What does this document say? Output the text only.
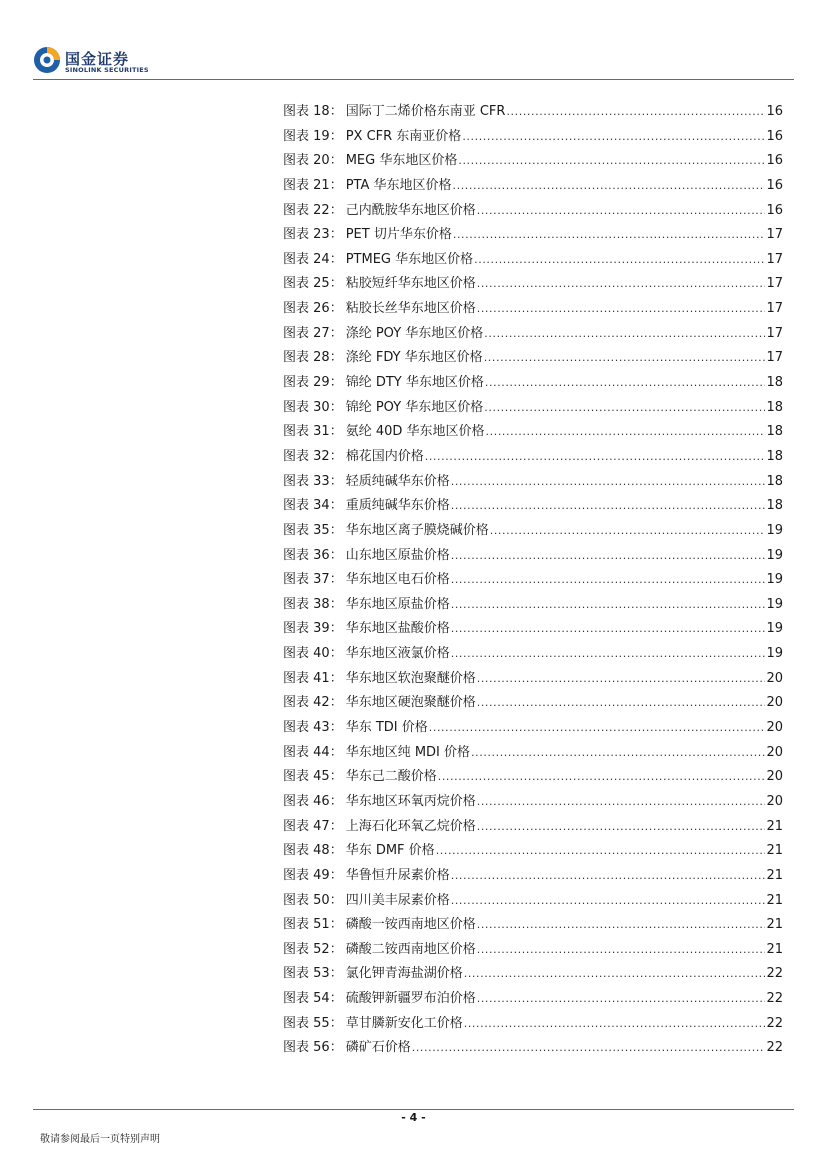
国金证券
SINOLINK SECURITIES
图表 18 ： 国际丁二烯价格东南亚 CFR .....	16
图表 19 ： PX CFR 东南亚价格 .....	16
图表 20 ： MEG 华东地区价格 .....	16
图表 21 ： PTA 华东地区价格 .....	16
图表 22 ： 己内酰胺华东地区价格 .....	16
图表 23 ： PET 切片华东价格 .....	17
图表 24 ： PTMEG 华东地区价格 .....	17
图表 25 ： 粘胶短纤华东地区价格 .....	17
图表 26 ： 粘胶长丝华东地区价格 .....	17
图表 27 ： 涤纶 POY 华东地区价格 .....	17
图表 28 ： 涤纶 FDY 华东地区价格 .....	17
图表 29 ： 锦纶 DTY 华东地区价格 .....	18
图表 30 ： 锦纶 POY 华东地区价格 .....	18
图表 31 ： 氨纶 40D 华东地区价格 .....	18
图表 32 ： 棉花国内价格 .....	18
图表 33 ： 轻质纯碱华东价格 .....	18
图表 34 ： 重质纯碱华东价格 .....	18
图表 35 ： 华东地区离子膜烧碱价格 .....	19
图表 36 ： 山东地区原盐价格 .....	19
图表 37 ： 华东地区电石价格 .....	19
图表 38 ： 华东地区原盐价格 .....	19
图表 39 ： 华东地区盐酸价格 .....	19
图表 40 ： 华东地区液氯价格 .....	19
图表 41 ： 华东地区软泡聚醚价格 .....	20
图表 42 ： 华东地区硬泡聚醚价格 .....	20
图表 43 ： 华东 TDI 价格 .....	20
图表 44 ： 华东地区纯 MDI 价格 .....	20
图表 45 ： 华东己二酸价格 .....	20
图表 46 ： 华东地区环氧丙烷价格 .....	20
图表 47 ： 上海石化环氧乙烷价格 .....	21
图表 48 ： 华东 DMF 价格 .....	21
图表 49 ： 华鲁恒升尿素价格 .....	21
图表 50 ： 四川美丰尿素价格 .....	21
图表 51 ： 磷酸一铵西南地区价格 .....	21
图表 52 ： 磷酸二铵西南地区价格 .....	21
图表 53 ： 氯化钾青海盐湖价格 .....	22
图表 54 ： 硫酸钾新疆罗布泊价格 .....	22
图表 55 ： 草甘膦新安化工价格 .....	22
图表 56 ： 磷矿石价格 .....	22
- 4 -
敬请参阅最后一页特别声明
